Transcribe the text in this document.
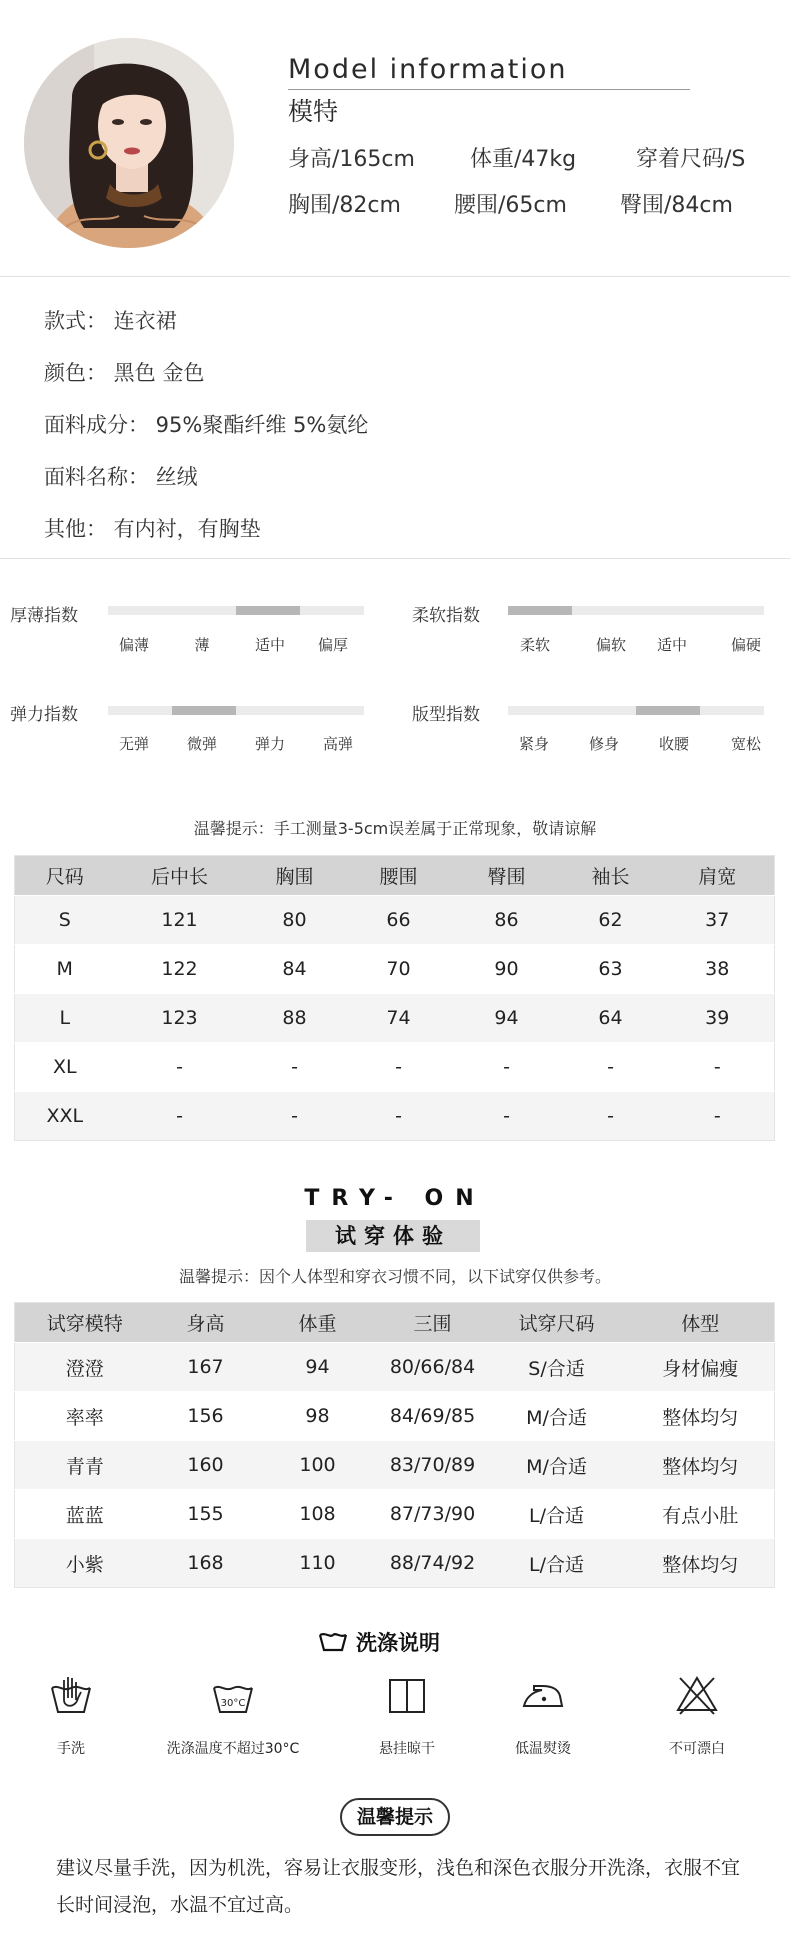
Model information
模特
身高/165cm	体重/47kg	穿着尺码/S
胸围/82cm 腰围/65cm 臀围/84cm
款式： 连衣裙
颜色： 黑色 金色
面料成分： 95%聚酯纤维 5%氨纶
面料名称： 丝绒
其他： 有内衬，有胸垫
厚薄指数
偏薄	薄	适中 偏厚
柔软指数
柔软	偏软 适中	偏硬
弹力指数
无弹	微弹	弹力	高弹
版型指数
紧身	修身	收腰	宽松
温馨提示：手工测量3-5cm误差属于正常现象，敬请谅解
尺码	后中长	胸围	腰围	臀围	袖长	肩宽
S	121	80	66	86	62	37
M	122	84	70	90	63	38
L	123	88	74	94	64	39
XL	-	-	-	-	-	-
XXL	-	-	-	-	-	-
TRY- ON
试穿体验
温馨提示：因个人体型和穿衣习惯不同，以下试穿仅供参考。
试穿模特	身高	体重	三围	试穿尺码	体型
澄澄	167	94	80/66/84	S/合适	身材偏瘦
率率	156	98	84/69/85	M/合适	整体均匀
青青	160	100	83/70/89	M/合适	整体均匀
蓝蓝	155	108	87/73/90	L/合适	有点小肚
小紫	168	110	88/74/92	L/合适	整体均匀
洗涤说明
手洗
30°C
洗涤温度不超过30°C	悬挂晾干	低温熨烫	不可漂白
温馨提示
建议尽量手洗，因为机洗，容易让衣服变形，浅色和深色衣服分开洗涤，衣服不宜长时间浸泡，水温不宜过高。
